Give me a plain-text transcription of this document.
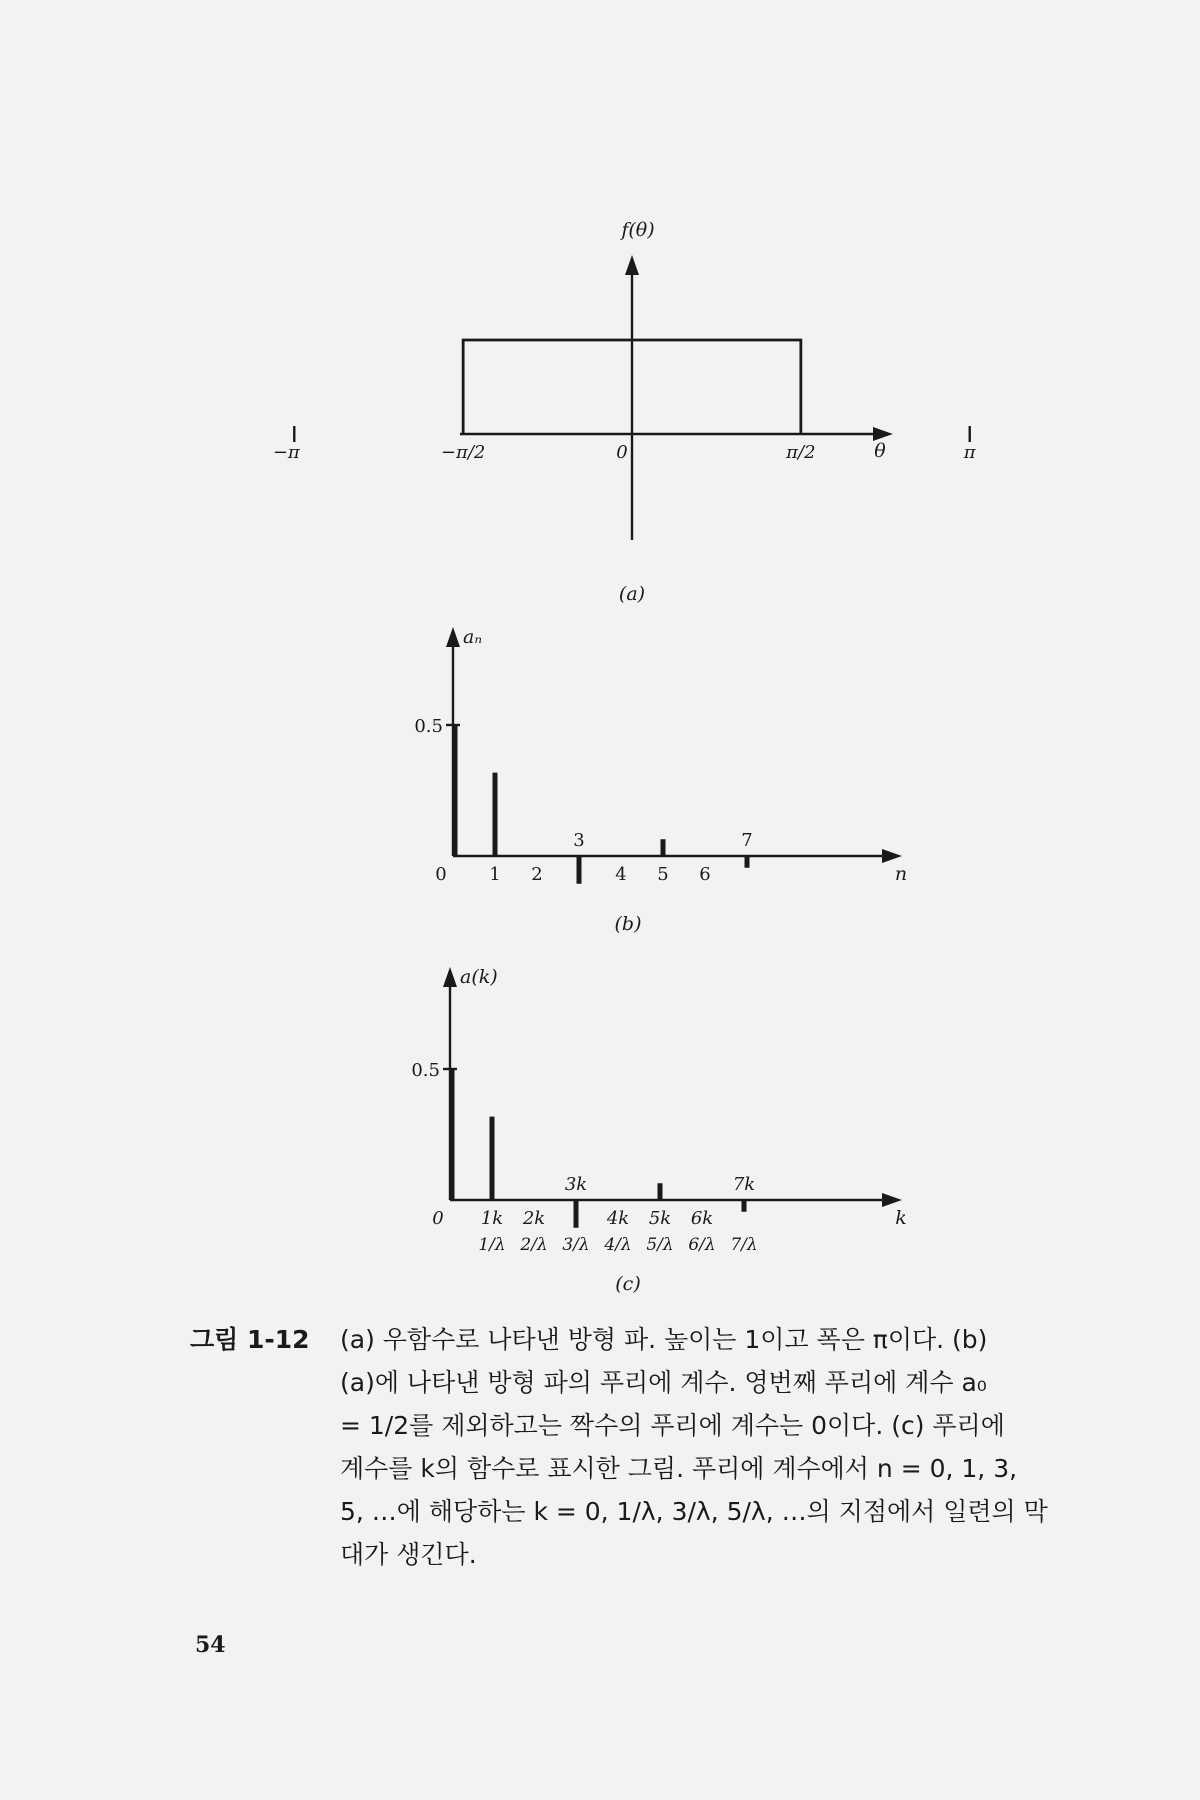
f(θ)
θ
−π	−π/2	0	π/2	π
(a)
aₙ
n
0.5
0 1 2	4 5 6
3	7
(b)
a(k)
k
0.5
0 1k 2k	4k 5k 6k
3k	7k
1/λ 2/λ 3/λ 4/λ 5/λ 6/λ 7/λ
(c)
그림 1-12 (a) 우함수로 나타낸 방형 파. 높이는 1이고 폭은 π이다. (b)
(a)에 나타낸 방형 파의 푸리에 계수. 영번째 푸리에 계수 a₀
= 1/2를 제외하고는 짝수의 푸리에 계수는 0이다. (c) 푸리에
계수를 k의 함수로 표시한 그림. 푸리에 계수에서 n = 0, 1, 3,
5, …에 해당하는 k = 0, 1/λ, 3/λ, 5/λ, …의 지점에서 일련의 막
대가 생긴다.
54
